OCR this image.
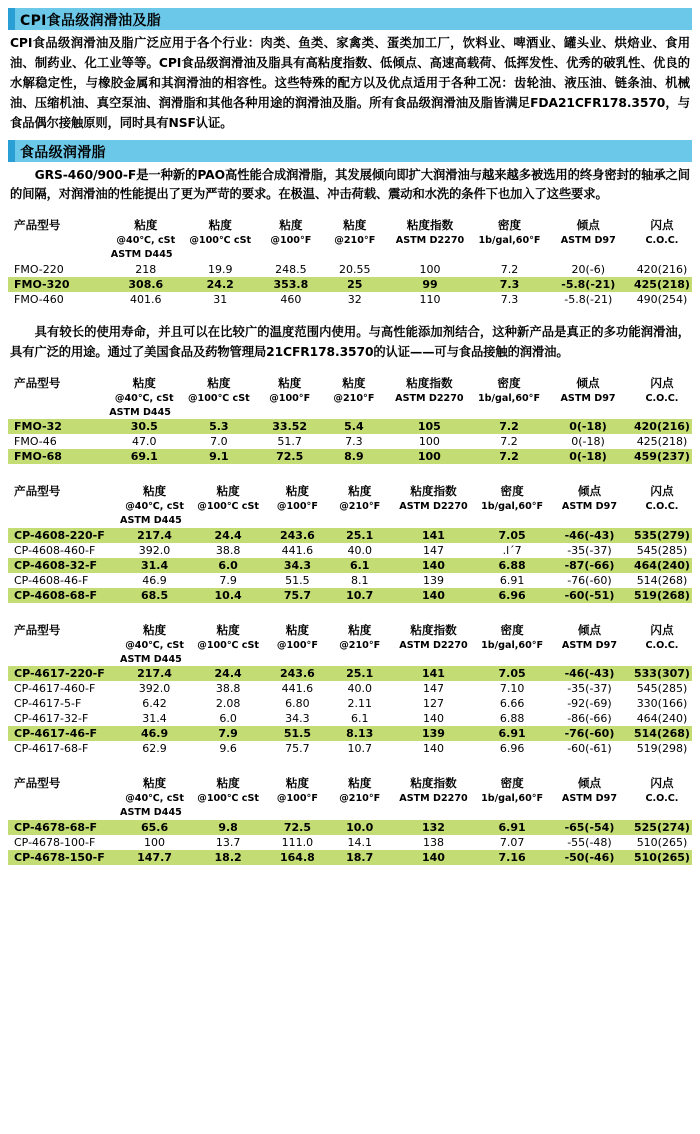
CPI食品级润滑油及脂
CPI食品级润滑油及脂广泛应用于各个行业：肉类、鱼类、家禽类、蛋类加工厂，饮料业、啤酒业、罐头业、烘焙业、食用油、制药业、化工业等等。CPI食品级润滑油及脂具有高粘度指数、低倾点、高速高载荷、低挥发性、优秀的破乳性、优良的水解稳定性，与橡胶金属和其润滑油的相容性。这些特殊的配方以及优点适用于各种工况：齿轮油、液压油、链条油、机械油、压缩机油、真空泵油、润滑脂和其他各种用途的润滑油及脂。所有食品级润滑油及脂皆满足FDA21CFR178.3570，与食品偶尔接触原则，同时具有NSF认证。
食品级润滑脂
GRS-460/900-F是一种新的PAO高性能合成润滑脂，其发展倾向即扩大润滑油与越来越多被选用的终身密封的轴承之间的间隔，对润滑油的性能提出了更为严苛的要求。在极温、冲击荷载、震动和水洗的条件下也加入了这些要求。
产品型号	粘度	粘度	粘度	粘度	粘度指数	密度	倾点	闪点
	@40℃, cSt	@100℃ cSt	@100°F	@210°F	ASTM D2270	1b/gal,60°F	ASTM D97	C.O.C.
	ASTM D445							
FMO-220	218	19.9	248.5	20.55	100	7.2	20(-6)	420(216)
FMO-320	308.6	24.2	353.8	25	99	7.3	-5.8(-21)	425(218)
FMO-460	401.6	31	460	32	110	7.3	-5.8(-21)	490(254)
具有较长的使用寿命，并且可以在比较广的温度范围内使用。与高性能添加剂结合，这种新产品是真正的多功能润滑油，具有广泛的用途。通过了美国食品及药物管理局21CFR178.3570的认证——可与食品接触的润滑油。
产品型号	粘度	粘度	粘度	粘度	粘度指数	密度	倾点	闪点
	@40℃, cSt	@100℃ cSt	@100°F	@210°F	ASTM D2270	1b/gal,60°F	ASTM D97	C.O.C.
	ASTM D445							
FMO-32	30.5	5.3	33.52	5.4	105	7.2	0(-18)	420(216)
FMO-46	47.0	7.0	51.7	7.3	100	7.2	0(-18)	425(218)
FMO-68	69.1	9.1	72.5	8.9	100	7.2	0(-18)	459(237)
产品型号	粘度	粘度	粘度	粘度	粘度指数	密度	倾点	闪点
	@40℃, cSt	@100℃ cSt	@100°F	@210°F	ASTM D2270	1b/gal,60°F	ASTM D97	C.O.C.
	ASTM D445							
CP-4608-220-F	217.4	24.4	243.6	25.1	141	7.05	-46(-43)	535(279)
CP-4608-460-F	392.0	38.8	441.6	40.0	147	.l΄7	-35(-37)	545(285)
CP-4608-32-F	31.4	6.0	34.3	6.1	140	6.88	-87(-66)	464(240)
CP-4608-46-F	46.9	7.9	51.5	8.1	139	6.91	-76(-60)	514(268)
CP-4608-68-F	68.5	10.4	75.7	10.7	140	6.96	-60(-51)	519(268)
产品型号	粘度	粘度	粘度	粘度	粘度指数	密度	倾点	闪点
	@40℃, cSt	@100℃ cSt	@100°F	@210°F	ASTM D2270	1b/gal,60°F	ASTM D97	C.O.C.
	ASTM D445							
CP-4617-220-F	217.4	24.4	243.6	25.1	141	7.05	-46(-43)	533(307)
CP-4617-460-F	392.0	38.8	441.6	40.0	147	7.10	-35(-37)	545(285)
CP-4617-5-F	6.42	2.08	6.80	2.11	127	6.66	-92(-69)	330(166)
CP-4617-32-F	31.4	6.0	34.3	6.1	140	6.88	-86(-66)	464(240)
CP-4617-46-F	46.9	7.9	51.5	8.13	139	6.91	-76(-60)	514(268)
CP-4617-68-F	62.9	9.6	75.7	10.7	140	6.96	-60(-61)	519(298)
产品型号	粘度	粘度	粘度	粘度	粘度指数	密度	倾点	闪点
	@40℃, cSt	@100℃ cSt	@100°F	@210°F	ASTM D2270	1b/gal,60°F	ASTM D97	C.O.C.
	ASTM D445							
CP-4678-68-F	65.6	9.8	72.5	10.0	132	6.91	-65(-54)	525(274)
CP-4678-100-F	100	13.7	111.0	14.1	138	7.07	-55(-48)	510(265)
CP-4678-150-F	147.7	18.2	164.8	18.7	140	7.16	-50(-46)	510(265)
